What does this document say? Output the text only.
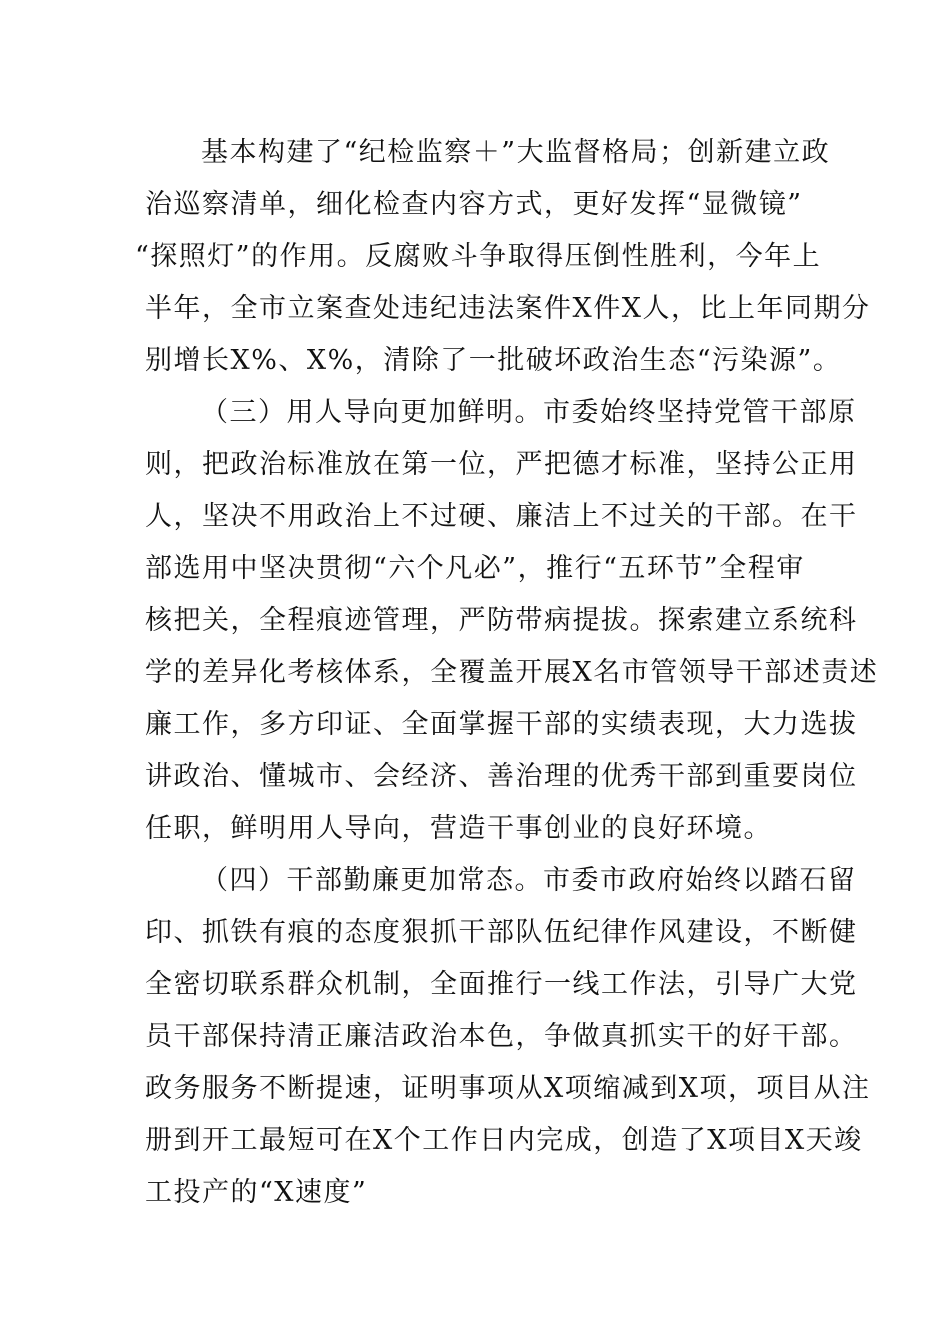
基本构建了“纪检监察＋”大监督格局；创新建立政
治巡察清单，细化检查内容方式，更好发挥“显微镜”
“探照灯”的作用。反腐败斗争取得压倒性胜利，今年上
半年，全市立案查处违纪违法案件X件X人，比上年同期分
别增长X%、X%，清除了一批破坏政治生态“污染源”。
（三）用人导向更加鲜明。市委始终坚持党管干部原
则，把政治标准放在第一位，严把德才标准，坚持公正用
人，坚决不用政治上不过硬、廉洁上不过关的干部。在干
部选用中坚决贯彻“六个凡必”，推行“五环节”全程审
核把关，全程痕迹管理，严防带病提拔。探索建立系统科
学的差异化考核体系，全覆盖开展X名市管领导干部述责述
廉工作，多方印证、全面掌握干部的实绩表现，大力选拔
讲政治、懂城市、会经济、善治理的优秀干部到重要岗位
任职，鲜明用人导向，营造干事创业的良好环境。
（四）干部勤廉更加常态。市委市政府始终以踏石留
印、抓铁有痕的态度狠抓干部队伍纪律作风建设，不断健
全密切联系群众机制，全面推行一线工作法，引导广大党
员干部保持清正廉洁政治本色，争做真抓实干的好干部。
政务服务不断提速，证明事项从X项缩减到X项，项目从注
册到开工最短可在X个工作日内完成，创造了X项目X天竣
工投产的“X速度”
